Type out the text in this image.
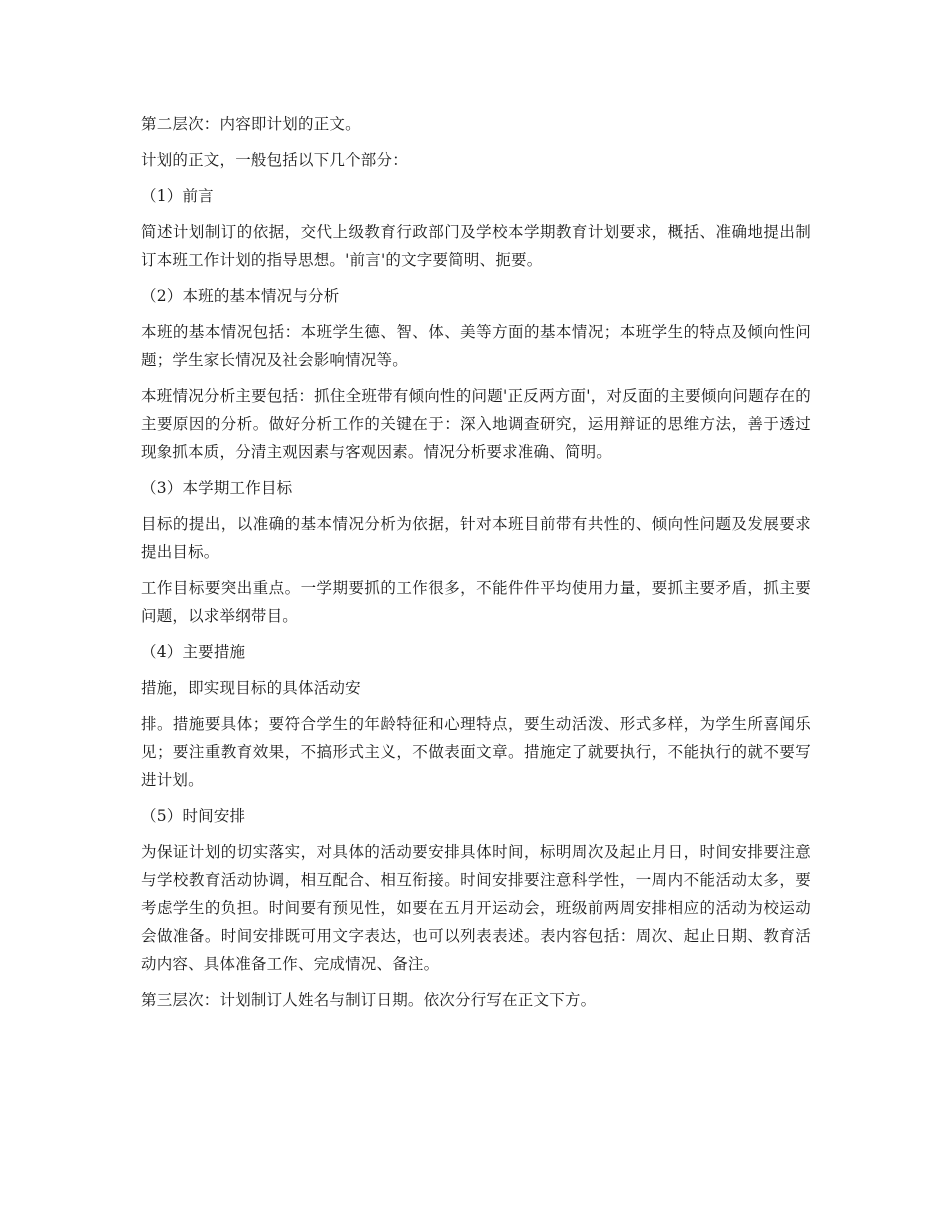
第二层次：内容即计划的正文。

计划的正文，一般包括以下几个部分：

（1）前言

简述计划制订的依据，交代上级教育行政部门及学校本学期教育计划要求，概括、准确地提出制订本班工作计划的指导思想。'前言'的文字要简明、扼要。

（2）本班的基本情况与分析

本班的基本情况包括：本班学生德、智、体、美等方面的基本情况；本班学生的特点及倾向性问题；学生家长情况及社会影响情况等。

本班情况分析主要包括：抓住全班带有倾向性的问题'正反两方面'，对反面的主要倾向问题存在的主要原因的分析。做好分析工作的关键在于：深入地调查研究，运用辩证的思维方法，善于透过现象抓本质，分清主观因素与客观因素。情况分析要求准确、简明。

（3）本学期工作目标

目标的提出，以准确的基本情况分析为依据，针对本班目前带有共性的、倾向性问题及发展要求提出目标。

工作目标要突出重点。一学期要抓的工作很多，不能件件平均使用力量，要抓主要矛盾，抓主要问题，以求举纲带目。

（4）主要措施

措施，即实现目标的具体活动安

排。措施要具体；要符合学生的年龄特征和心理特点，要生动活泼、形式多样，为学生所喜闻乐见；要注重教育效果，不搞形式主义，不做表面文章。措施定了就要执行，不能执行的就不要写进计划。

（5）时间安排

为保证计划的切实落实，对具体的活动要安排具体时间，标明周次及起止月日，时间安排要注意与学校教育活动协调，相互配合、相互衔接。时间安排要注意科学性，一周内不能活动太多，要考虑学生的负担。时间要有预见性，如要在五月开运动会，班级前两周安排相应的活动为校运动会做准备。时间安排既可用文字表达，也可以列表表述。表内容包括：周次、起止日期、教育活动内容、具体准备工作、完成情况、备注。

第三层次：计划制订人姓名与制订日期。依次分行写在正文下方。
